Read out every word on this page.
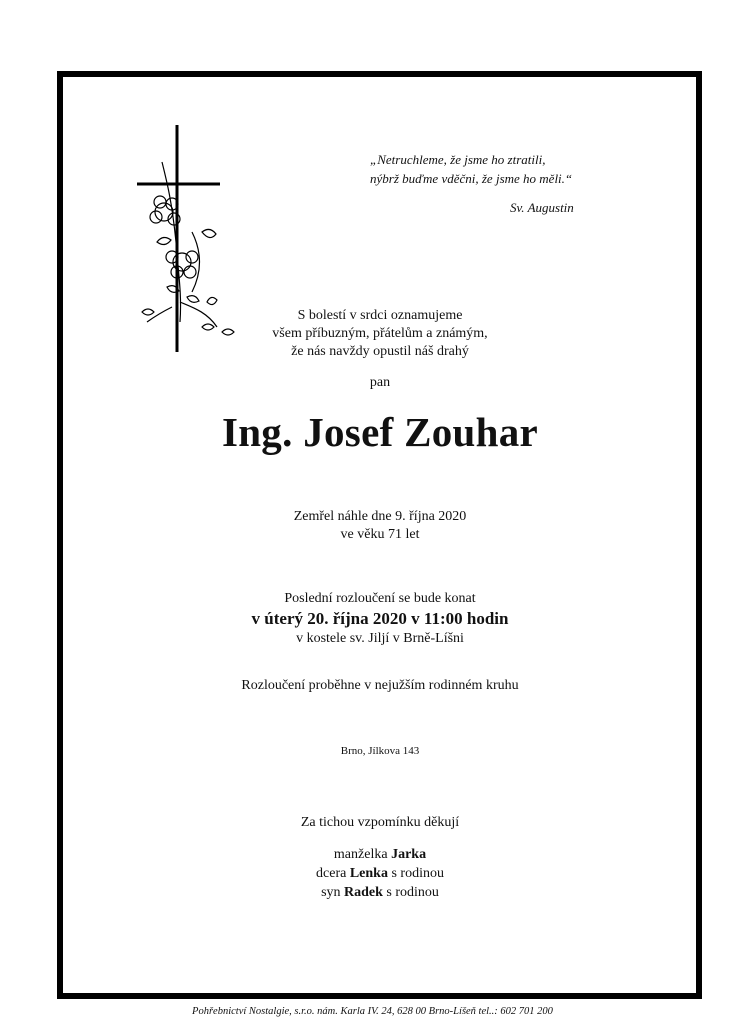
„Netruchleme, že jsme ho ztratili,
nýbrž buďme vděčni, že jsme ho měli.“
Sv. Augustin
S bolestí v srdci oznamujeme
všem příbuzným, přátelům a známým,
že nás navždy opustil náš drahý
pan
Ing. Josef Zouhar
Zemřel náhle dne 9. října 2020
ve věku 71 let
Poslední rozloučení se bude konat
v úterý 20. října 2020 v 11:00 hodin
v kostele sv. Jiljí v Brně-Líšni
Rozloučení proběhne v nejužším rodinném kruhu
Brno, Jílkova 143
Za tichou vzpomínku děkují
manželka Jarka
dcera Lenka s rodinou
syn Radek s rodinou
Pohřebnictví Nostalgie, s.r.o. nám. Karla IV. 24, 628 00 Brno-Líšeň tel..: 602 701 200
